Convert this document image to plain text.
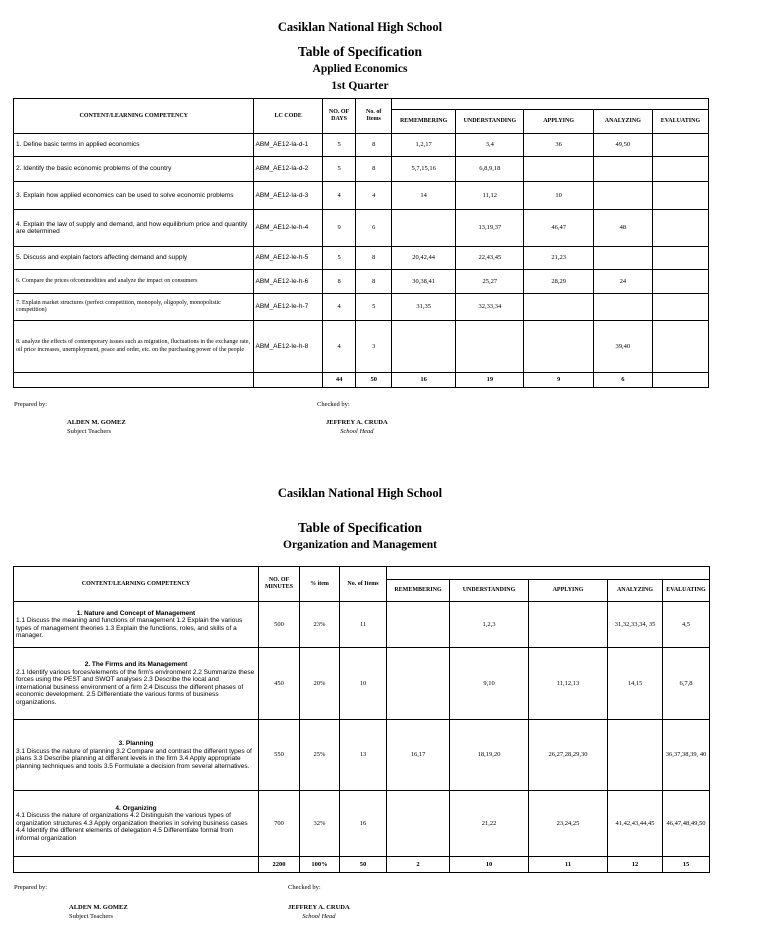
Casiklan National High School
Table of Specification
Applied Economics
1st Quarter
CONTENT/LEARNING COMPETENCY	LC CODE	NO. OF DAYS	No. of Items					
				REMEMBERING	UNDERSTANDING	APPLYING	ANALYZING	EVALUATING
1. Define basic terms in applied economics	ABM_AE12-Ia-d-1	5	8	1,2,17	3,4	36	49,50	
2. Identify the basic economic problems of the country	ABM_AE12-Ia-d-2	5	8	5,7,15,16	6,8,9,18			
3. Explain how applied economics can be used to solve economic problems	ABM_AE12-Ia-d-3	4	4	14	11,12	10		
4. Explain the law of supply and demand, and how equilibrium price and quantity are determined	ABM_AE12-Ie-h-4	9	6		13,19,37	46,47	48	
5. Discuss and explain factors affecting demand and supply	ABM_AE12-Ie-h-5	5	8	20,42,44	22,43,45	21,23		
6. Compare the prices ofcommodities and analyze the impact on consumers	ABM_AE12-Ie-h-6	8	8	30,38,41	25,27	28,29	24	
7. Explain market structures (perfect competition, monopoly, oligopoly, monopolistic competition)	ABM_AE12-Ie-h-7	4	5	31,35	32,33,34			
8. analyze the effects of contemporary issues such as migration, fluctuations in the exchange rate, oil price increases, unemployment, peace and order, etc. on the purchasing power of the people	ABM_AE12-Ie-h-8	4	3				39,40	
		44	50	16	19	9	6	
Prepared by:	Checked by:
ALDEN M. GOMEZ
Subject Teachers
JEFFREY A. CRUDA

School Head
Casiklan National High School
Table of Specification
Organization and Management
CONTENT/LEARNING COMPETENCY	NO. OF MINUTES	% item	No. of Items					
				REMEMBERING	UNDERSTANDING	APPLYING	ANALYZING	EVALUATING

1. Nature and Concept of Management
1.1 Discuss the meaning and functions of management 1.2 Explain the various types of management theories 1.3 Explain the functions, roles, and skills of a manager.	500	23%	11		1,2,3		31,32,33,34, 35	4,5

2. The Firms and its Management
2.1 Identify various forces/elements of the firm's environment 2.2 Summarize these forces using the PEST and SWOT analyses 2.3 Describe the local and international business environment of a firm 2.4 Discuss the different phases of economic development. 2.5 Differentiate the various forms of business organizations.	450	20%	10		9,10	11,12,13	14,15	6,7,8

3. Planning
3.1 Discuss the nature of planning 3.2 Compare and contrast the different types of plans 3.3 Describe planning at different levels in the firm 3.4 Apply appropriate planning techniques and tools 3.5 Formulate a decision from several alternatives.	550	25%	13	16,17	18,19,20	26,27,28,29,30		36,37,38,39, 40

4. Organizing
4.1 Discuss the nature of organizations 4.2 Distinguish the various types of organization structures 4.3 Apply organization theories in solving business cases 4.4 Identify the different elements of delegation 4.5 Differentiate formal from informal organization	700	32%	16		21,22	23,24,25	41,42,43,44,45	46,47,48,49,50
	2200	100%	50	2	10	11	12	15
Prepared by:	Checked by:
ALDEN M. GOMEZ
Subject Teachers
JEFFREY A. CRUDA

School Head
